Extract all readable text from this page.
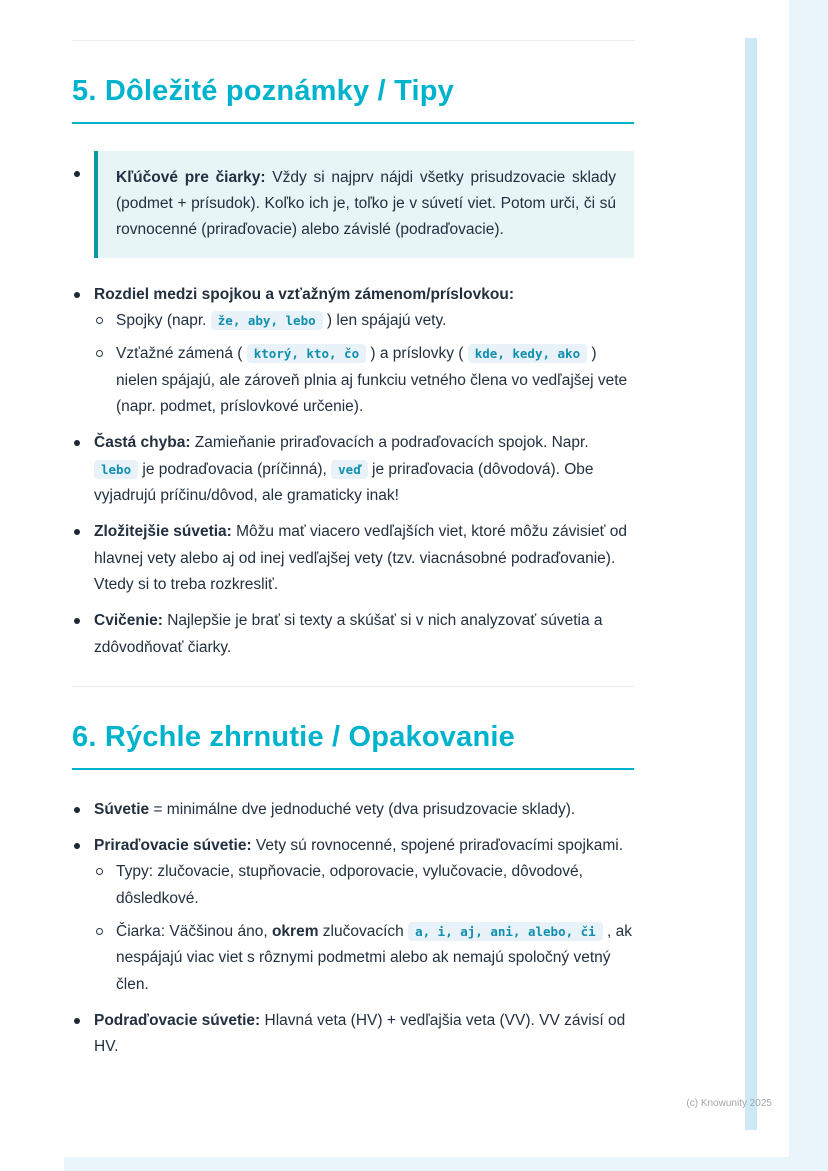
5. Dôležité poznámky / Tipy
Kľúčové pre čiarky: Vždy si najprv nájdi všetky prisudzovacie sklady (podmet + prísudok). Koľko ich je, toľko je v súvetí viet. Potom urči, či sú rovnocenné (priraďovacie) alebo závislé (podraďovacie).
Rozdiel medzi spojkou a vzťažným zámenom/príslovkou:
Spojky (napr. že, aby, lebo ) len spájajú vety.
Vzťažné zámená ( ktorý, kto, čo ) a príslovky ( kde, kedy, ako ) nielen spájajú, ale zároveň plnia aj funkciu vetného člena vo vedľajšej vete (napr. podmet, príslovkové určenie).
Častá chyba: Zamieňanie priraďovacích a podraďovacích spojok. Napr. lebo je podraďovacia (príčinná), veď je priraďovacia (dôvodová). Obe vyjadrujú príčinu/dôvod, ale gramaticky inak!
Zložitejšie súvetia: Môžu mať viacero vedľajších viet, ktoré môžu závisieť od hlavnej vety alebo aj od inej vedľajšej vety (tzv. viacnásobné podraďovanie). Vtedy si to treba rozkresliť.
Cvičenie: Najlepšie je brať si texty a skúšať si v nich analyzovať súvetia a zdôvodňovať čiarky.
6. Rýchle zhrnutie / Opakovanie
Súvetie = minimálne dve jednoduché vety (dva prisudzovacie sklady).
Priraďovacie súvetie: Vety sú rovnocenné, spojené priraďovacími spojkami.
Typy: zlučovacie, stupňovacie, odporovacie, vylučovacie, dôvodové, dôsledkové.
Čiarka: Väčšinou áno, okrem zlučovacích a, i, aj, ani, alebo, či , ak nespájajú viac viet s rôznymi podmetmi alebo ak nemajú spoločný vetný člen.
Podraďovacie súvetie: Hlavná veta (HV) + vedľajšia veta (VV). VV závisí od HV.
(c) Knowunity 2025
